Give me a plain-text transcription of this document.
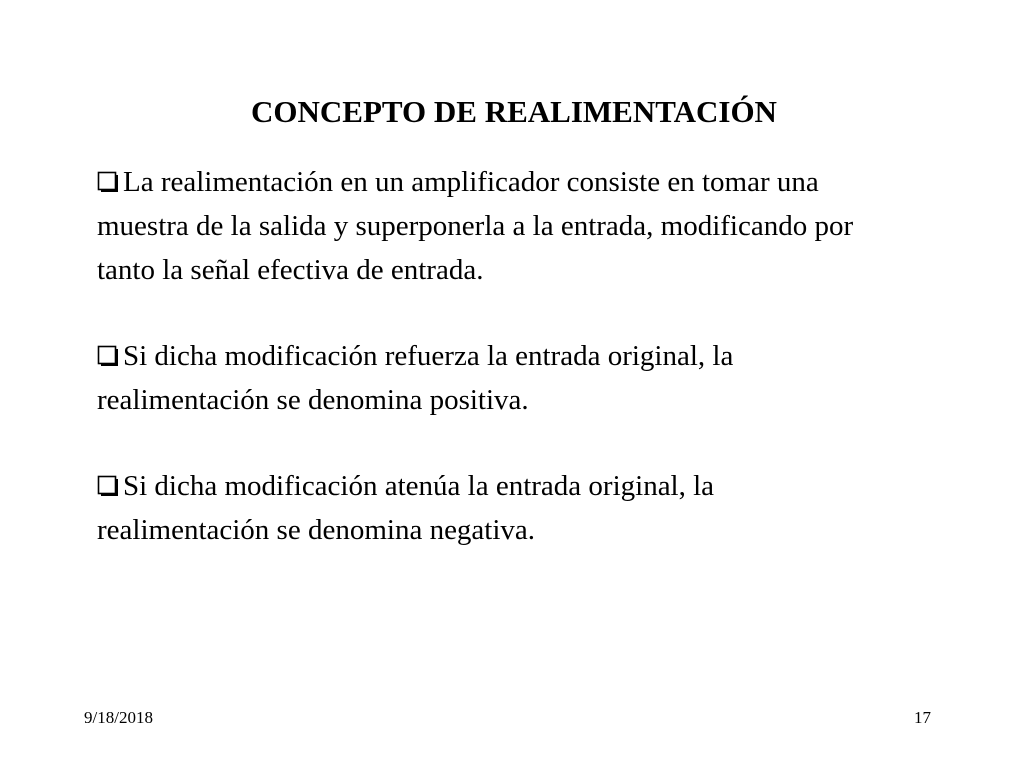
CONCEPTO DE REALIMENTACIÓN

La realimentación en un amplificador consiste en tomar una muestra de la salida y superponerla a la entrada, modificando por tanto la señal efectiva de entrada.

Si dicha modificación refuerza la entrada original, la realimentación se denomina positiva.

Si dicha modificación atenúa la entrada original, la realimentación se denomina negativa.

9/18/2018	17
